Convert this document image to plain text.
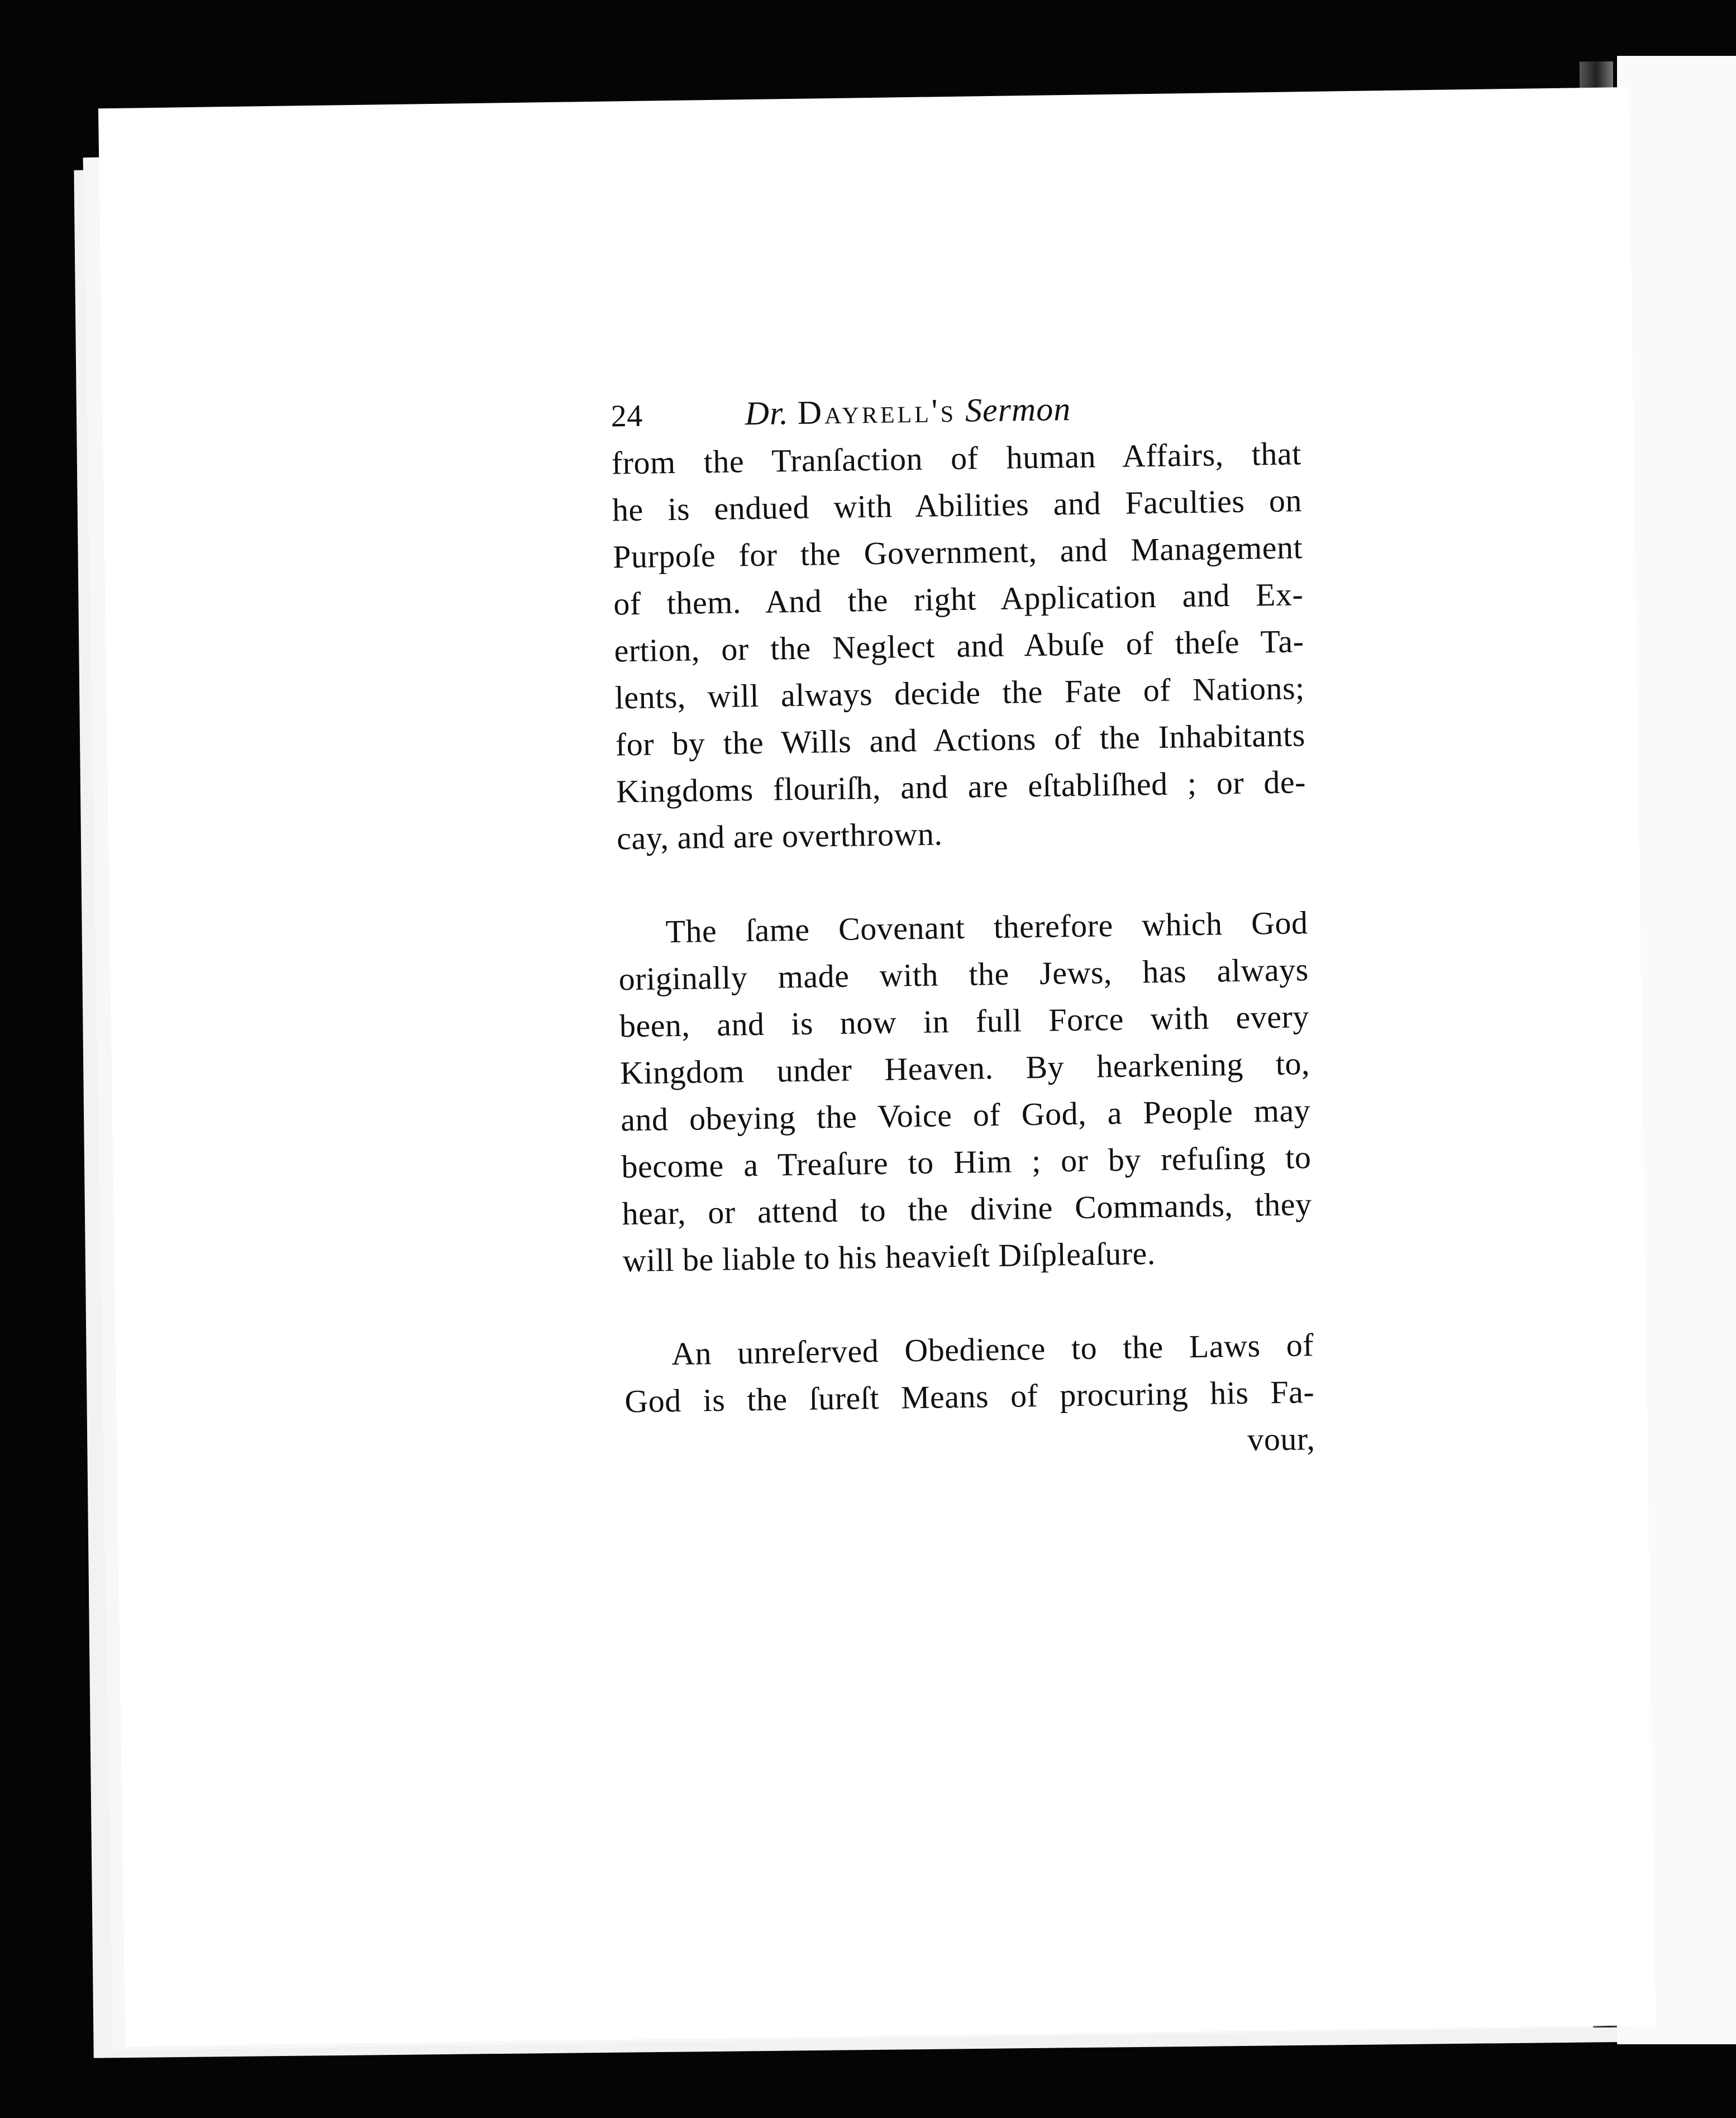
24	Dr. Dayrell's Sermon
from the Tranſaction of human Affairs, that
he is endued with Abilities and Faculties on
Purpoſe for the Government, and Management
of them. And the right Application and Ex-
ertion, or the Neglect and Abuſe of theſe Ta-
lents, will always decide the Fate of Nations;
for by the Wills and Actions of the Inhabitants
Kingdoms flouriſh, and are eſtabliſhed ; or de-
cay, and are overthrown.
The ſame Covenant therefore which God
originally made with the Jews, has always
been, and is now in full Force with every
Kingdom under Heaven. By hearkening to,
and obeying the Voice of God, a People may
become a Treaſure to Him ; or by refuſing to
hear, or attend to the divine Commands, they
will be liable to his heavieſt Diſpleaſure.
An unreſerved Obedience to the Laws of
God is the ſureſt Means of procuring his Fa-
vour,
